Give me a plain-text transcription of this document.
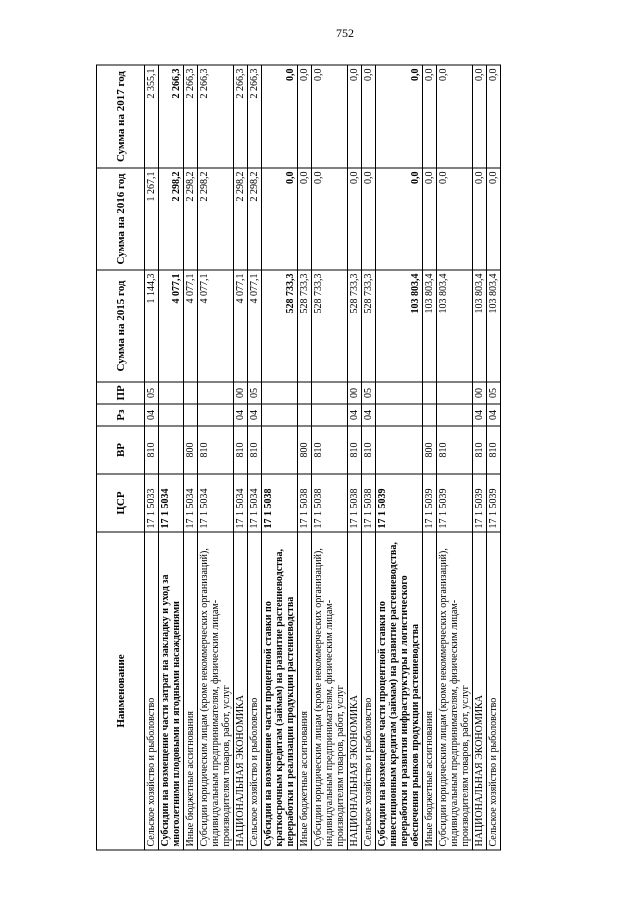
752
Наименование	ЦСР	ВР	Рз	ПР	Сумма на 2015 год	Сумма на 2016 год	Сумма на 2017 год
Сельское хозяйство и рыболовство	17 1 5033	810	04	05	1 144,3	1 267,1	2 355,1
Субсидии на возмещение части затрат на закладку и уход за многолетними плодовыми и ягодными насаждениями	17 1 5034				4 077,1	2 298,2	2 266,3
Иные бюджетные ассигнования	17 1 5034	800			4 077,1	2 298,2	2 266,3
Субсидии юридическим лицам (кроме некоммерческих организаций), индивидуальным предпринимателям, физическим лицам-производителям товаров, работ, услуг	17 1 5034	810			4 077,1	2 298,2	2 266,3
НАЦИОНАЛЬНАЯ ЭКОНОМИКА	17 1 5034	810	04	00	4 077,1	2 298,2	2 266,3
Сельское хозяйство и рыболовство	17 1 5034	810	04	05	4 077,1	2 298,2	2 266,3
Субсидии на возмещение части процентной ставки по краткосрочным кредитам (займам) на развитие растениеводства, переработки и реализации продукции растениеводства	17 1 5038				528 733,3	0,0	0,0
Иные бюджетные ассигнования	17 1 5038	800			528 733,3	0,0	0,0
Субсидии юридическим лицам (кроме некоммерческих организаций), индивидуальным предпринимателям, физическим лицам-производителям товаров, работ, услуг	17 1 5038	810			528 733,3	0,0	0,0
НАЦИОНАЛЬНАЯ ЭКОНОМИКА	17 1 5038	810	04	00	528 733,3	0,0	0,0
Сельское хозяйство и рыболовство	17 1 5038	810	04	05	528 733,3	0,0	0,0
Субсидии на возмещение части процентной ставки по инвестиционным кредитам (займам) на развитие растениеводства, переработки и развития инфраструктуры и логистического обеспечения рынков продукции растениеводства	17 1 5039				103 803,4	0,0	0,0
Иные бюджетные ассигнования	17 1 5039	800			103 803,4	0,0	0,0
Субсидии юридическим лицам (кроме некоммерческих организаций), индивидуальным предпринимателям, физическим лицам-производителям товаров, работ, услуг	17 1 5039	810			103 803,4	0,0	0,0
НАЦИОНАЛЬНАЯ ЭКОНОМИКА	17 1 5039	810	04	00	103 803,4	0,0	0,0
Сельское хозяйство и рыболовство	17 1 5039	810	04	05	103 803,4	0,0	0,0
